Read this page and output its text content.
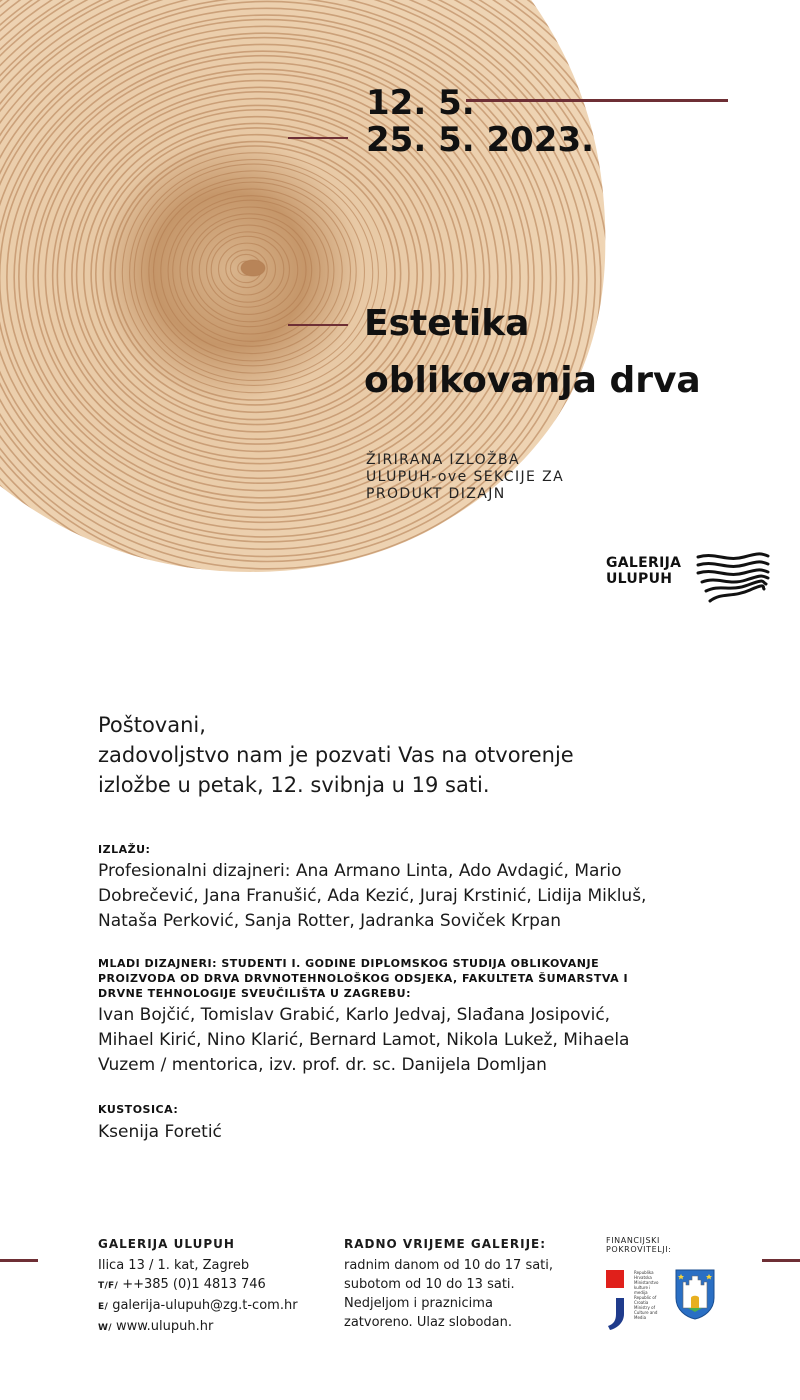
12. 5.
25. 5. 2023.
Estetika
oblikovanja drva
ŽIRIRANA IZLOŽBA
ULUPUH-ove SEKCIJE ZA
PRODUKT DIZAJN
GALERIJA
ULUPUH
Poštovani,
zadovoljstvo nam je pozvati Vas na otvorenje
izložbe u petak, 12. svibnja u 19 sati.
IZLAŽU:
Profesionalni dizajneri: Ana Armano Linta, Ado Avdagić, Mario
Dobrečević, Jana Franušić, Ada Kezić, Juraj Krstinić, Lidija Mikluš,
Nataša Perković, Sanja Rotter, Jadranka Soviček Krpan
MLADI DIZAJNERI: STUDENTI I. GODINE DIPLOMSKOG STUDIJA OBLIKOVANJE
PROIZVODA OD DRVA DRVNOTEHNOLOŠKOG ODSJEKA, FAKULTETA ŠUMARSTVA I
DRVNE TEHNOLOGIJE SVEUČILIŠTA U ZAGREBU:
Ivan Bojčić, Tomislav Grabić, Karlo Jedvaj, Slađana Josipović,
Mihael Kirić, Nino Klarić, Bernard Lamot, Nikola Lukež, Mihaela
Vuzem / mentorica, izv. prof. dr. sc. Danijela Domljan
KUSTOSICA:
Ksenija Foretić
GALERIJA ULUPUH
Ilica 13 / 1. kat, Zagreb
T/F/ ++385 (0)1 4813 746
E/ galerija-ulupuh@zg.t-com.hr
W/ www.ulupuh.hr
RADNO VRIJEME GALERIJE:
radnim danom od 10 do 17 sati,
subotom od 10 do 13 sati.
Nedjeljom i praznicima
zatvoreno. Ulaz slobodan.
FINANCIJSKI
POKROVITELJI:
Republika Hrvatska Ministarstvo kulture i medija Republic of Croatia Ministry of Culture and Media
